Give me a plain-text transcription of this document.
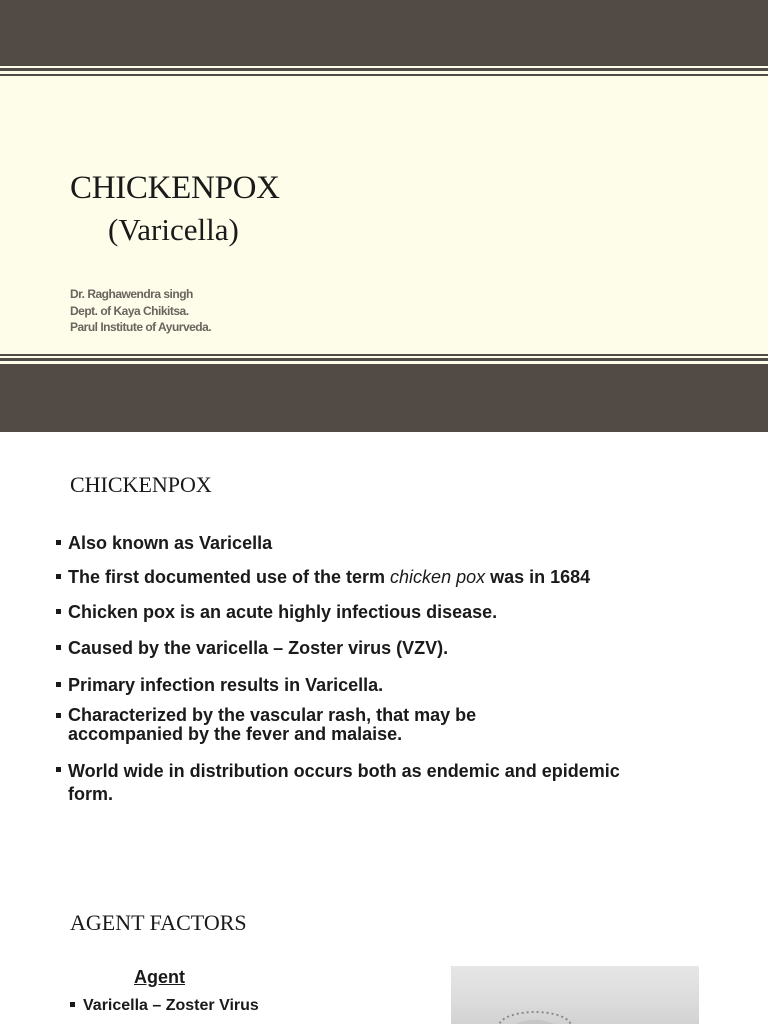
CHICKENPOX
(Varicella)
Dr. Raghawendra singh
Dept. of Kaya Chikitsa.
Parul Institute of Ayurveda.
CHICKENPOX
Also known as Varicella
The first documented use of the term chicken pox was in 1684
Chicken pox is an acute highly infectious disease.
Caused by the varicella – Zoster virus (VZV).
Primary infection results in Varicella.
Characterized by the vascular rash, that may be accompanied by the fever and malaise.
World wide in distribution occurs both as endemic and epidemic form.
AGENT FACTORS
Agent
Varicella – Zoster Virus
